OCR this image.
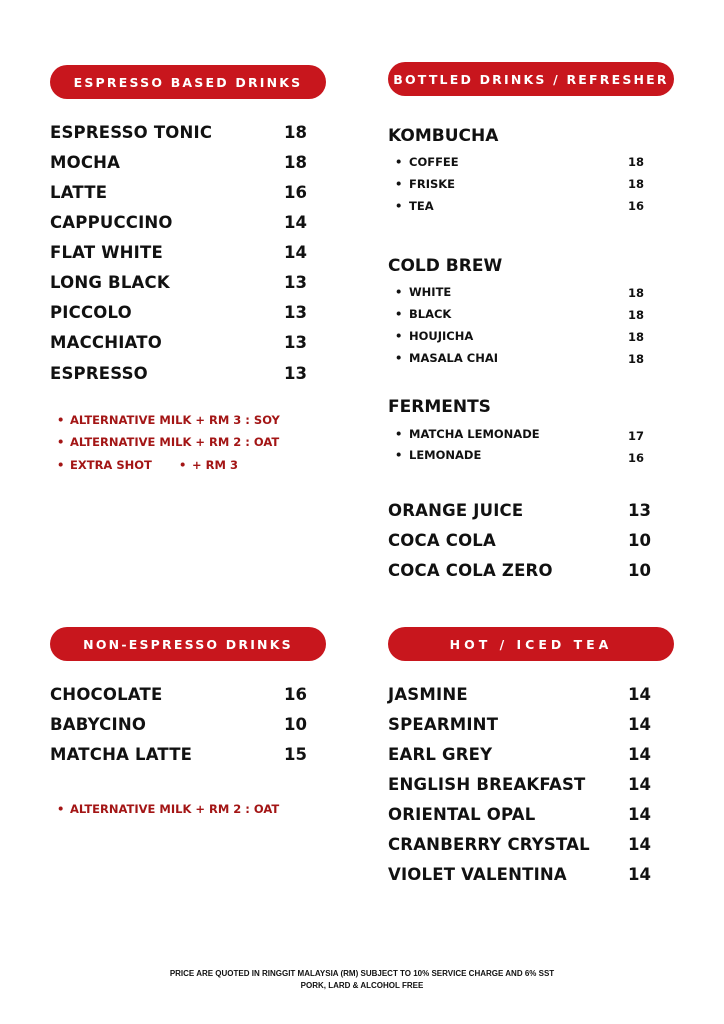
ESPRESSO BASED DRINKS
ESPRESSO TONIC	18
MOCHA	18
LATTE	16
CAPPUCCINO	14
FLAT WHITE	14
LONG BLACK	13
PICCOLO	13
MACCHIATO	13
ESPRESSO	13
• ALTERNATIVE MILK + RM 3 : SOY
• ALTERNATIVE MILK + RM 2 : OAT
• EXTRA SHOT	• + RM 3
BOTTLED DRINKS / REFRESHER
KOMBUCHA
• COFFEE	18
• FRISKE	18
• TEA	16
COLD BREW
• WHITE	18
• BLACK	18
• HOUJICHA	18
• MASALA CHAI	18
FERMENTS
• MATCHA LEMONADE	17
• LEMONADE	16
ORANGE JUICE	13
COCA COLA	10
COCA COLA ZERO	10
NON-ESPRESSO DRINKS
CHOCOLATE	16
BABYCINO	10
MATCHA LATTE	15
• ALTERNATIVE MILK + RM 2 : OAT
HOT / ICED TEA
JASMINE	14
SPEARMINT	14
EARL GREY	14
ENGLISH BREAKFAST	14
ORIENTAL OPAL	14
CRANBERRY CRYSTAL 14
VIOLET VALENTINA	14
PRICE ARE QUOTED IN RINGGIT MALAYSIA (RM) SUBJECT TO 10% SERVICE CHARGE AND 6% SST
PORK, LARD & ALCOHOL FREE
